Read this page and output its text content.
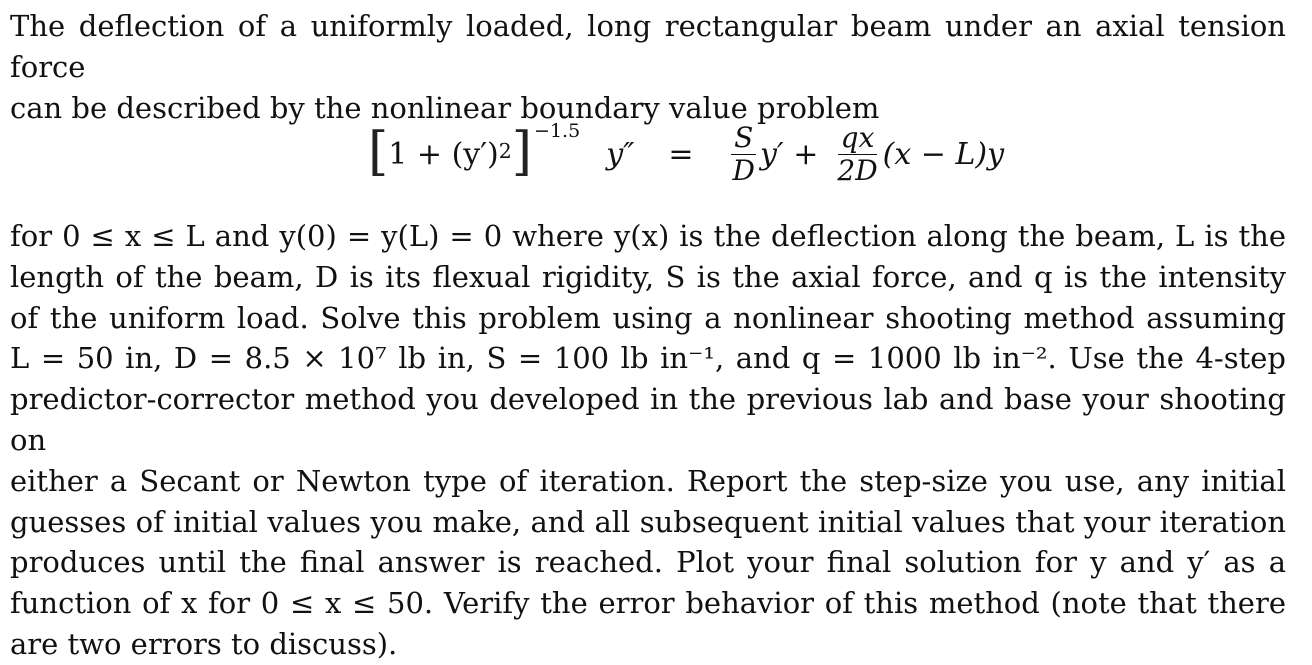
The deflection of a uniformly loaded, long rectangular beam under an axial tension force
can be described by the nonlinear boundary value problem

[ $1 + (y')^2$ ] −1.5
$y'' = \frac{S}{D} y' + \frac{qx}{2D} (x - L)y$

for 0 ≤ x ≤ L and y(0) = y(L) = 0 where y(x) is the deflection along the beam, L is the
length of the beam, D is its flexual rigidity, S is the axial force, and q is the intensity
of the uniform load. Solve this problem using a nonlinear shooting method assuming
L = 50 in, D = 8.5 × 10⁷ lb in, S = 100 lb in⁻¹, and q = 1000 lb in⁻². Use the 4-step
predictor-corrector method you developed in the previous lab and base your shooting on
either a Secant or Newton type of iteration. Report the step-size you use, any initial
guesses of initial values you make, and all subsequent initial values that your iteration
produces until the final answer is reached. Plot your final solution for y and y′ as a
function of x for 0 ≤ x ≤ 50. Verify the error behavior of this method (note that there
are two errors to discuss).
